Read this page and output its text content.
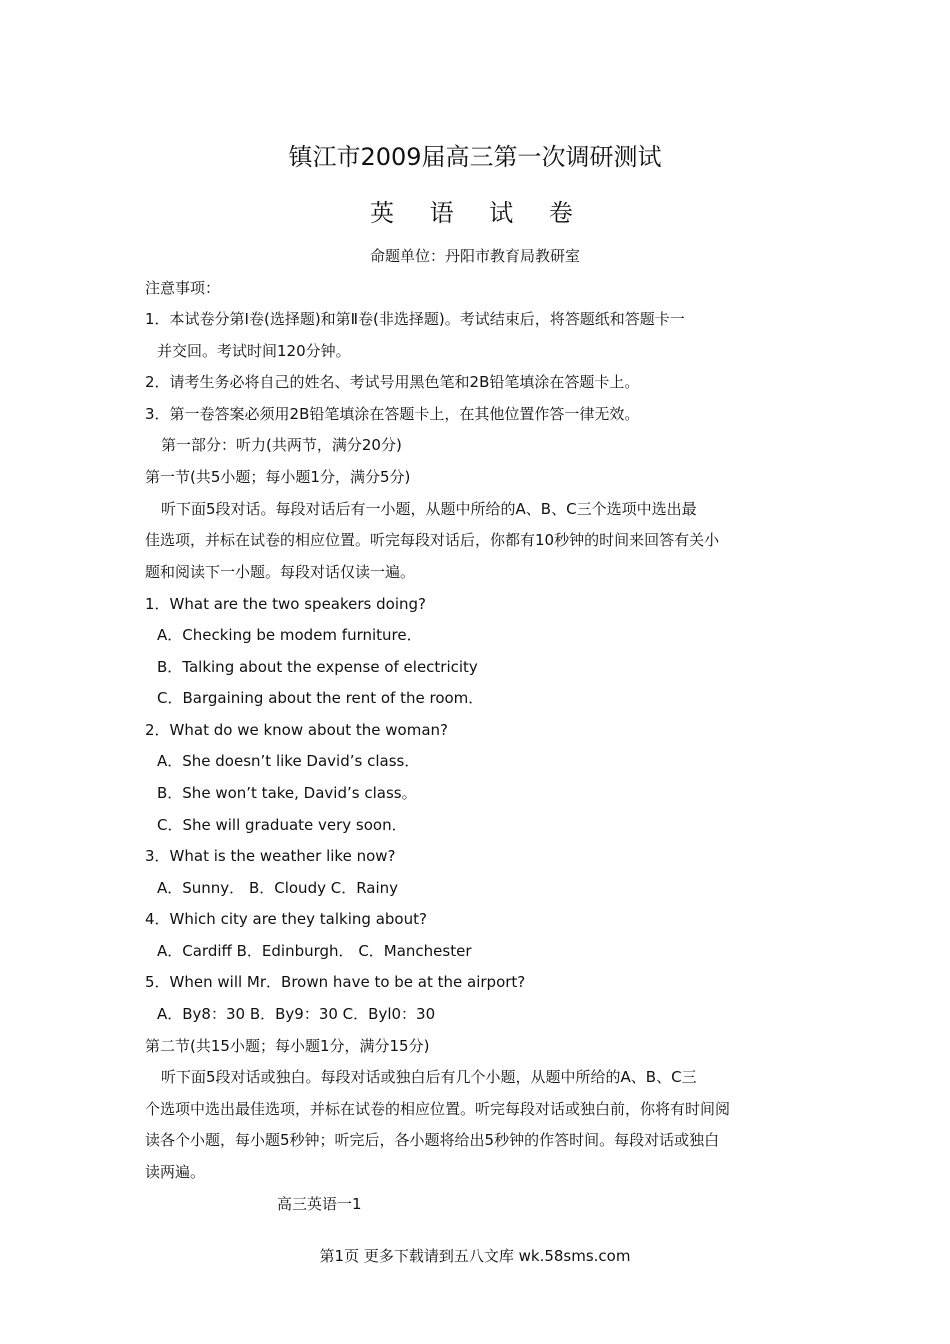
镇江市2009届高三第一次调研测试
英 语 试 卷
命题单位：丹阳市教育局教研室
注意事项：
1．本试卷分第Ⅰ卷(选择题)和第Ⅱ卷(非选择题)。考试结束后，将答题纸和答题卡一
并交回。考试时间120分钟。
2．请考生务必将自己的姓名、考试号用黑色笔和2B铅笔填涂在答题卡上。
3．第一卷答案必须用2B铅笔填涂在答题卡上，在其他位置作答一律无效。
第一部分：听力(共两节，满分20分)
第一节(共5小题；每小题1分，满分5分)
听下面5段对话。每段对话后有一小题，从题中所给的A、B、C三个选项中选出最
佳选项，并标在试卷的相应位置。听完每段对话后，你都有10秒钟的时间来回答有关小
题和阅读下一小题。每段对话仅读一遍。
1．What are the two speakers doing?
A．Checking be modem furniture．
B．Talking about the expense of electricity
C．Bargaining about the rent of the room．
2．What do we know about the woman?
A．She doesn’t like David’s class．
B．She won’t take, David’s class。
C．She will graduate very soon．
3．What is the weather like now?
A．Sunny． B．Cloudy C．Rainy
4．Which city are they talking about?
A．Cardiff B．Edinburgh． C．Manchester
5．When will Mr．Brown have to be at the airport?
A．By8：30 B．By9：30 C．Byl0：30
第二节(共15小题；每小题1分，满分15分)
听下面5段对话或独白。每段对话或独白后有几个小题，从题中所给的A、B、C三
个选项中选出最佳选项，并标在试卷的相应位置。听完每段对话或独白前，你将有时间阅
读各个小题，每小题5秒钟；听完后，各小题将给出5秒钟的作答时间。每段对话或独白
读两遍。
高三英语一1
第1页 更多下载请到五八文库 wk.58sms.com
